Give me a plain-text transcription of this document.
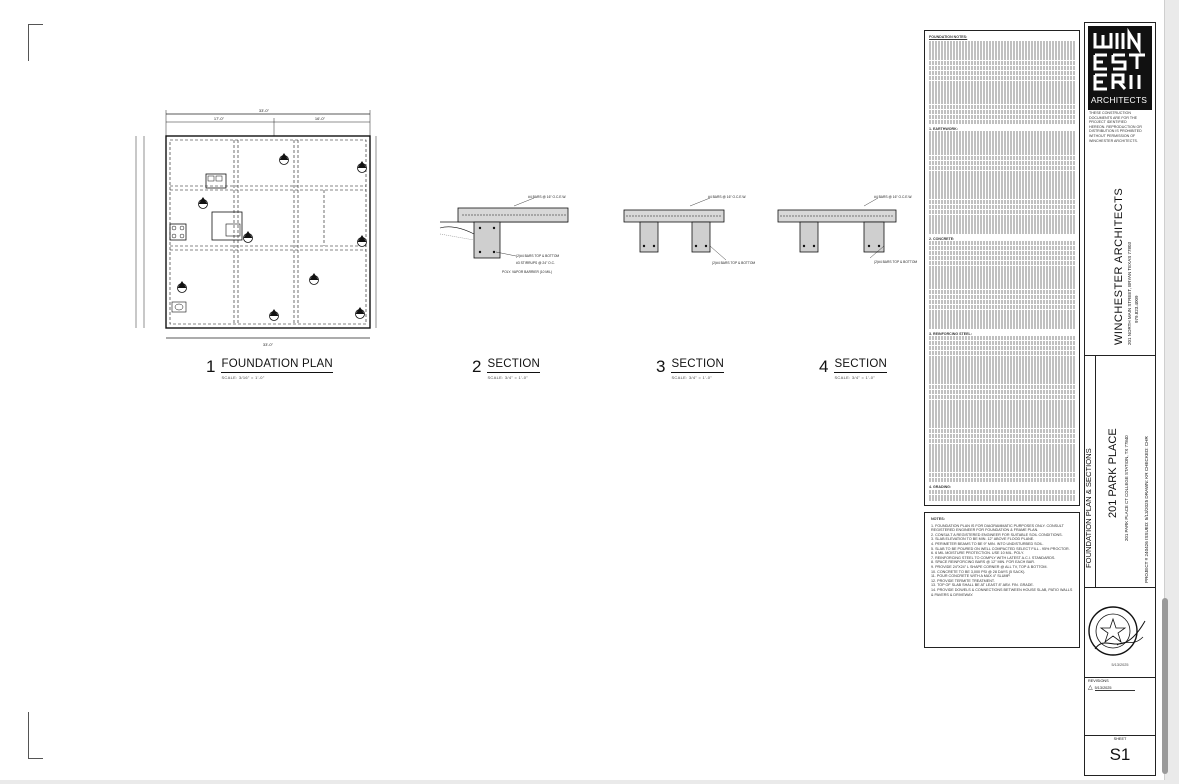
33'-0"
17'-0"	16'-0"
33'-0"
1 FOUNDATION PLAN
SCALE: 3/16" = 1'-0"
#4 BARS @ 16" O.C.E.W.
(2)#4 BARS TOP & BOTTOM
#3 STIRRUPS @ 24" O.C.
POLY. VAPOR BARRIER (10 MIL)
2 SECTION
SCALE: 3/4" = 1'-0"
#4 BARS @ 16" O.C.E.W.
(2)#4 BARS TOP & BOTTOM
3 SECTION
SCALE: 3/4" = 1'-0"
#4 BARS @ 16" O.C.E.W.
(2)#4 BARS TOP & BOTTOM
4 SECTION
SCALE: 3/4" = 1'-0"
FOUNDATION NOTES:
1. EARTHWORK:
2. CONCRETE:
3. REINFORCING STEEL:
4. GRADING:
NOTES:
1. FOUNDATION PLAN IS FOR DIAGRAMMATIC PURPOSES ONLY. CONSULT REGISTERED ENGINEER FOR FOUNDATION & FRAME PLAN.
2. CONSULT A REGISTERED ENGINEER FOR SUITABLE SOIL CONDITIONS.
3. SLAB ELEVATION TO BE MIN. 12" ABOVE FLOOD PLANE.
4. PERIMETER BEAMS TO BE 9" MIN. INTO UNDISTURBED SOIL.
5. SLAB TO BE POURED ON WELL COMPACTED SELECT FILL - 95% PROCTOR.
6. 6 MIL MOISTURE PROTECTION. USE 10 MIL. POLY.
7. REINFORCING STEEL TO COMPLY WITH LATEST A.C.I. STANDARDS.
8. SPACE REINFORCING BARS @ 12" MIN. FOR EACH BAR.
9. PROVIDE 24"X24" L SHAPE CORNER @ ALL TV, TOP & BOTTOM.
10. CONCRETE TO BE 3,000 PSI @ 28 DAYS (5 SACK).
11. POUR CONCRETE WITH A MAX 4" SLUMP.
12. PROVIDE TERMITE TREATMENT.
13. TOP OF SLAB SHALL BE AT LEAST 8" ABV. FIN. GRADE.
14. PROVIDE DOWELS & CONNECTIONS BETWEEN HOUSE SLAB, PATIO WALLS & PAVERS & DRIVEWAY.
ARCHITECTS
THESE CONSTRUCTION DOCUMENTS ARE FOR THE PROJECT IDENTIFIED HEREON. REPRODUCTION OR DISTRIBUTION IS PROHIBITED WITHOUT PERMISSION OF WINCHESTER ARCHITECTS.
WINCHESTER ARCHITECTS 201 NORTH MAIN STREET, BRYAN TEXAS 77803 979.823.4009
FOUNDATION PLAN & SECTIONS 201 PARK PLACE 201 PARK PLACE CT COLLEGE STATION, TX 77840	PROJECT # 240426 ISSUED: 5/13/2025 DRAWN: KR CHECKED: CHR
5/13/2025
REVISIONS
△ 5/13/2025
SHEET
S1
